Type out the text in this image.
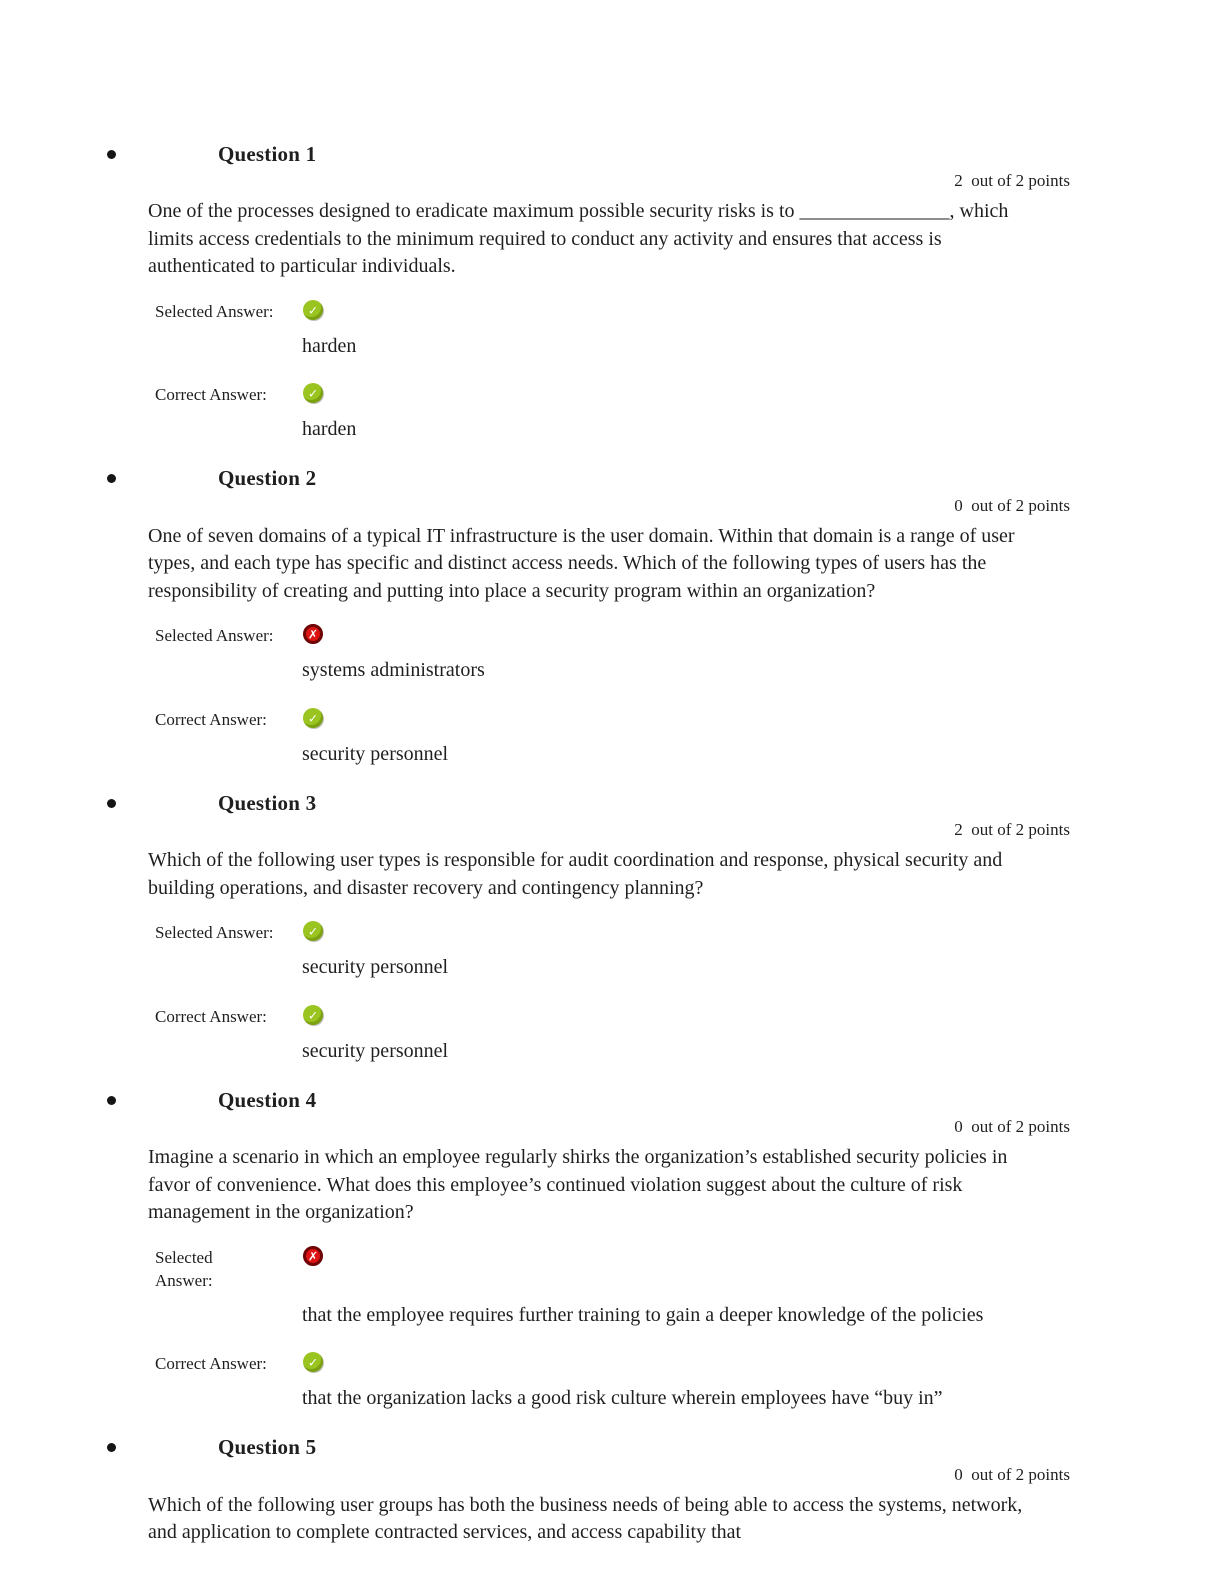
Question 1
2  out of 2 points
One of the processes designed to eradicate maximum possible security risks is to _______________, which limits access credentials to the minimum required to conduct any activity and ensures that access is authenticated to particular individuals.
Selected Answer:	✓
harden
Correct Answer:	✓
harden
Question 2
0  out of 2 points
One of seven domains of a typical IT infrastructure is the user domain. Within that domain is a range of user types, and each type has specific and distinct access needs. Which of the following types of users has the responsibility of creating and putting into place a security program within an organization?
Selected Answer:	✗
systems administrators
Correct Answer:	✓
security personnel
Question 3
2  out of 2 points
Which of the following user types is responsible for audit coordination and response, physical security and building operations, and disaster recovery and contingency planning?
Selected Answer:	✓
security personnel
Correct Answer:	✓
security personnel
Question 4
0  out of 2 points
Imagine a scenario in which an employee regularly shirks the organization’s established security policies in favor of convenience. What does this employee’s continued violation suggest about the culture of risk management in the organization?
Selected Answer:
✗
that the employee requires further training to gain a deeper knowledge of the policies
Correct Answer:	✓
that the organization lacks a good risk culture wherein employees have “buy in”
Question 5
0  out of 2 points
Which of the following user groups has both the business needs of being able to access the systems, network, and application to complete contracted services, and access capability that
